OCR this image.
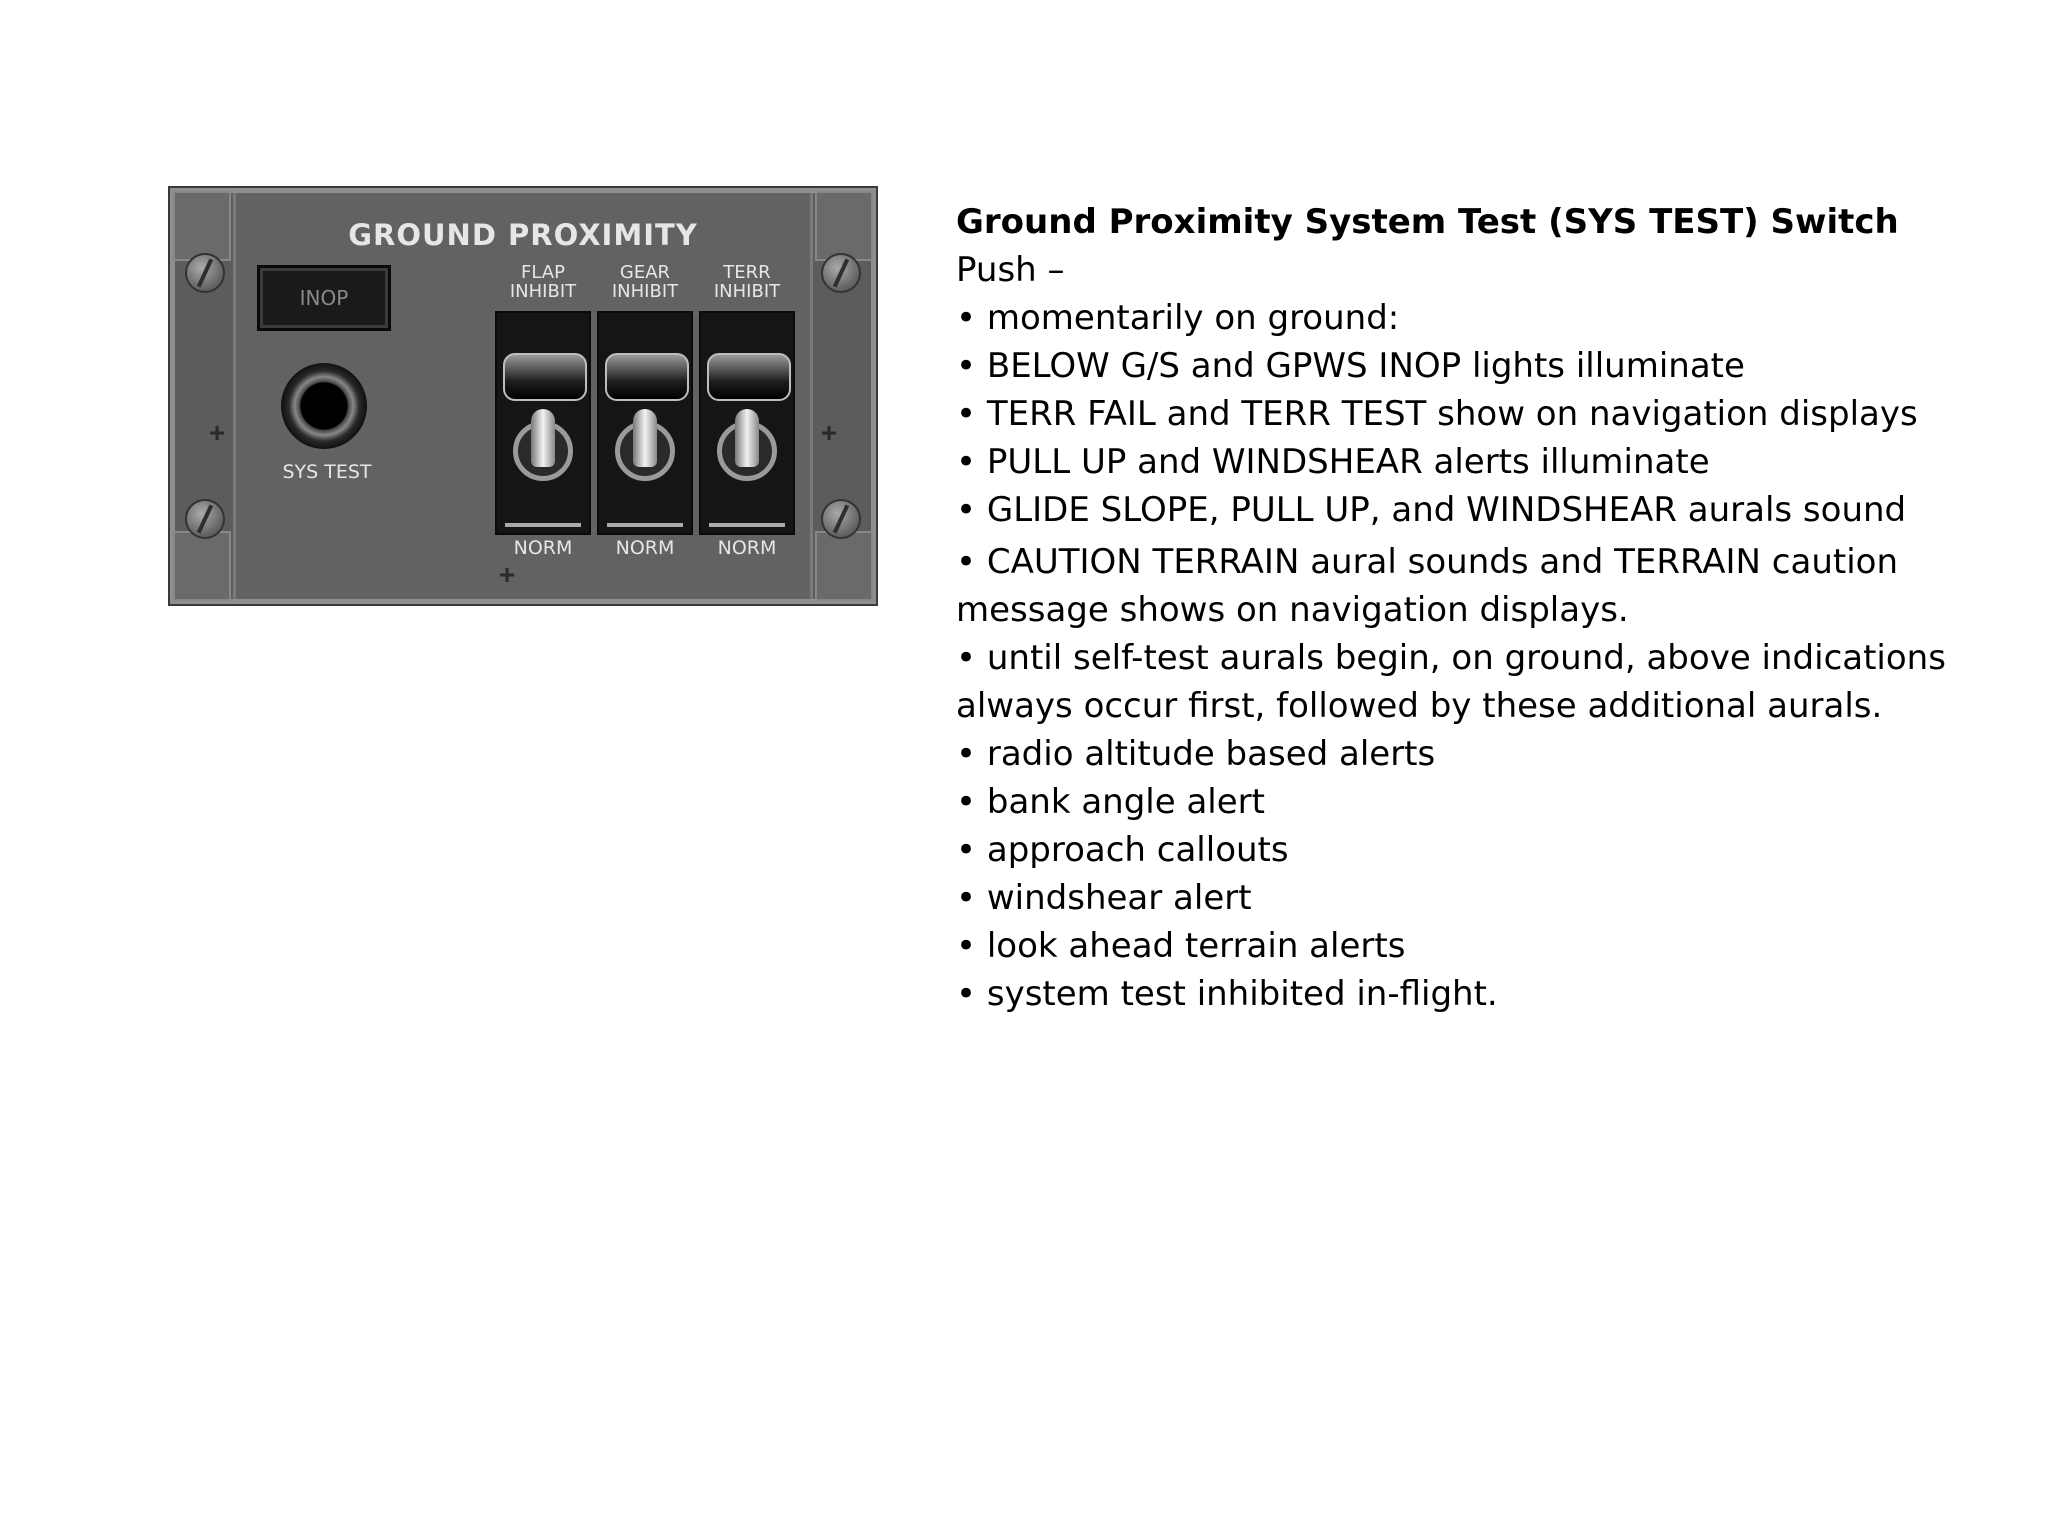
+	+
+
GROUND PROXIMITY
INOP
SYS TEST
FLAP
INHIBIT
NORM
GEAR
INHIBIT
NORM
TERR
INHIBIT
NORM

Ground Proximity System Test (SYS TEST) Switch

Push –

• momentarily on ground:

• BELOW G/S and GPWS INOP lights illuminate

• TERR FAIL and TERR TEST show on navigation displays

• PULL UP and WINDSHEAR alerts illuminate

• GLIDE SLOPE, PULL UP, and WINDSHEAR aurals sound

• CAUTION TERRAIN aural sounds and TERRAIN caution

message shows on navigation displays.

• until self-test aurals begin, on ground, above indications

always occur first, followed by these additional aurals.

• radio altitude based alerts

• bank angle alert

• approach callouts

• windshear alert

• look ahead terrain alerts

• system test inhibited in-flight.
